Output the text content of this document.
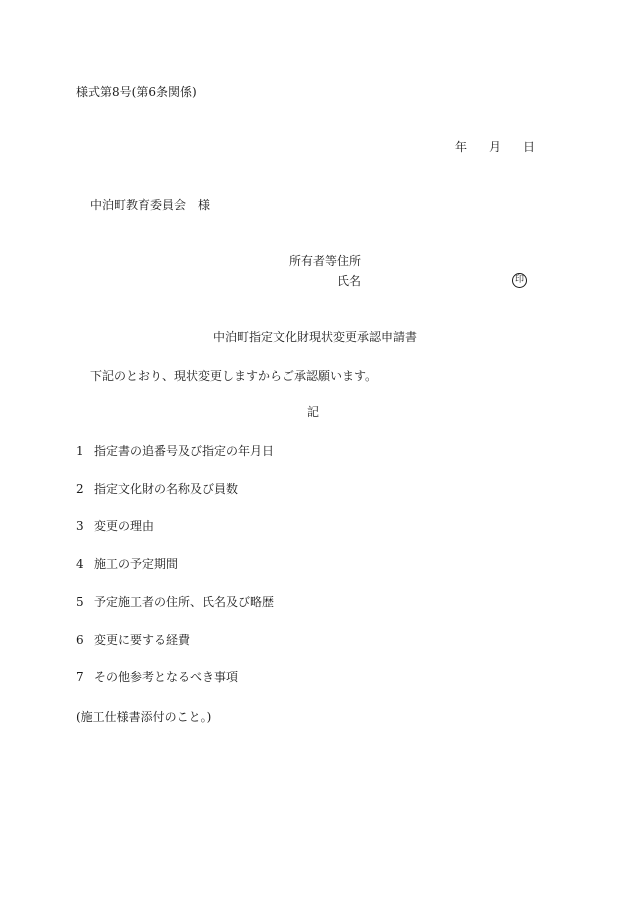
様式第8号(第6条関係)
年 月 日
中泊町教育委員会 様
所有者等住所
氏名	印
中泊町指定文化財現状変更承認申請書
下記のとおり、現状変更しますからご承認願います。
記
1 指定書の追番号及び指定の年月日
2 指定文化財の名称及び員数
3 変更の理由
4 施工の予定期間
5 予定施工者の住所、氏名及び略歴
6 変更に要する経費
7 その他参考となるべき事項
(施工仕様書添付のこと。)
